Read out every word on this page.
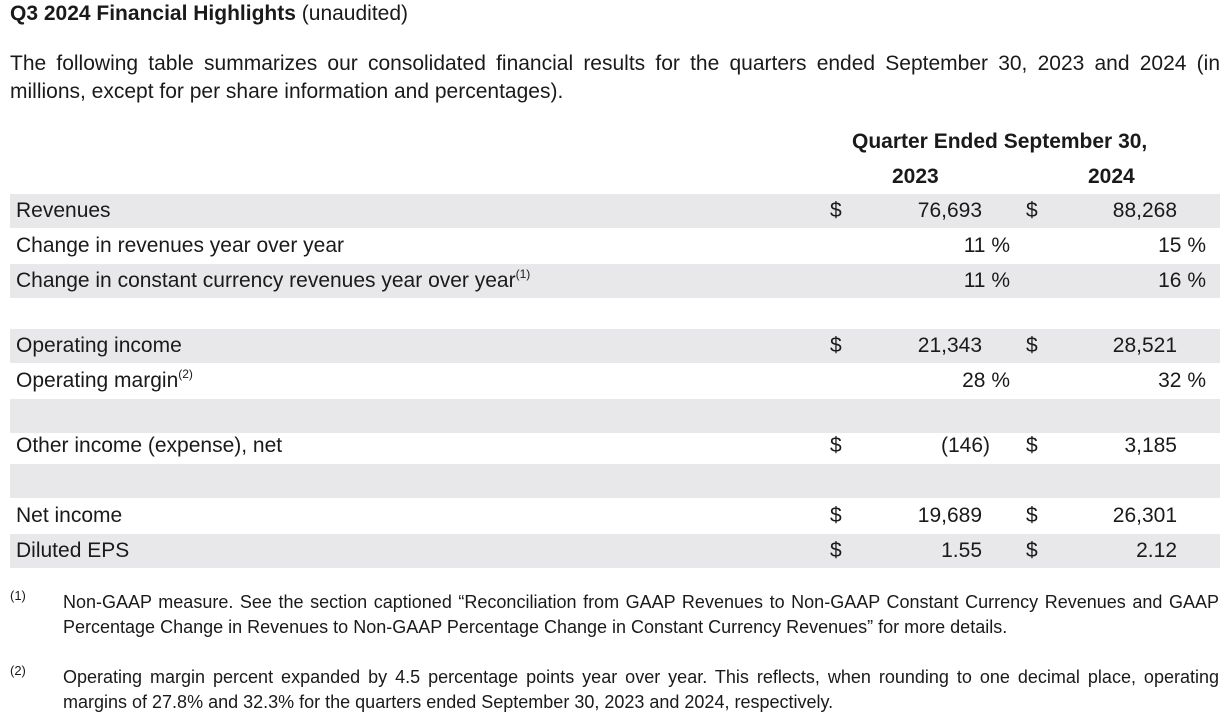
Q3 2024 Financial Highlights (unaudited)
The following table summarizes our consolidated financial results for the quarters ended September 30, 2023 and 2024 (in millions, except for per share information and percentages).
Quarter Ended September 30,
2023	2024
Revenues	$	76,693 $	88,268
Change in revenues year over year	11 %	15 %
Change in constant currency revenues year over year$^{(1)}$	11 %	16 %
Operating income	$	21,343 $	28,521
Operating margin$^{(2)}$	28 %	32 %
Other income (expense), net	$	(146) $	3,185
Net income	$	19,689 $	26,301
Diluted EPS	$	1.55 $	2.12
(1) Non-GAAP measure. See the section captioned “Reconciliation from GAAP Revenues to Non-GAAP Constant Currency Revenues and GAAP Percentage Change in Revenues to Non-GAAP Percentage Change in Constant Currency Revenues” for more details.
(2) Operating margin percent expanded by 4.5 percentage points year over year. This reflects, when rounding to one decimal place, operating margins of 27.8% and 32.3% for the quarters ended September 30, 2023 and 2024, respectively.
